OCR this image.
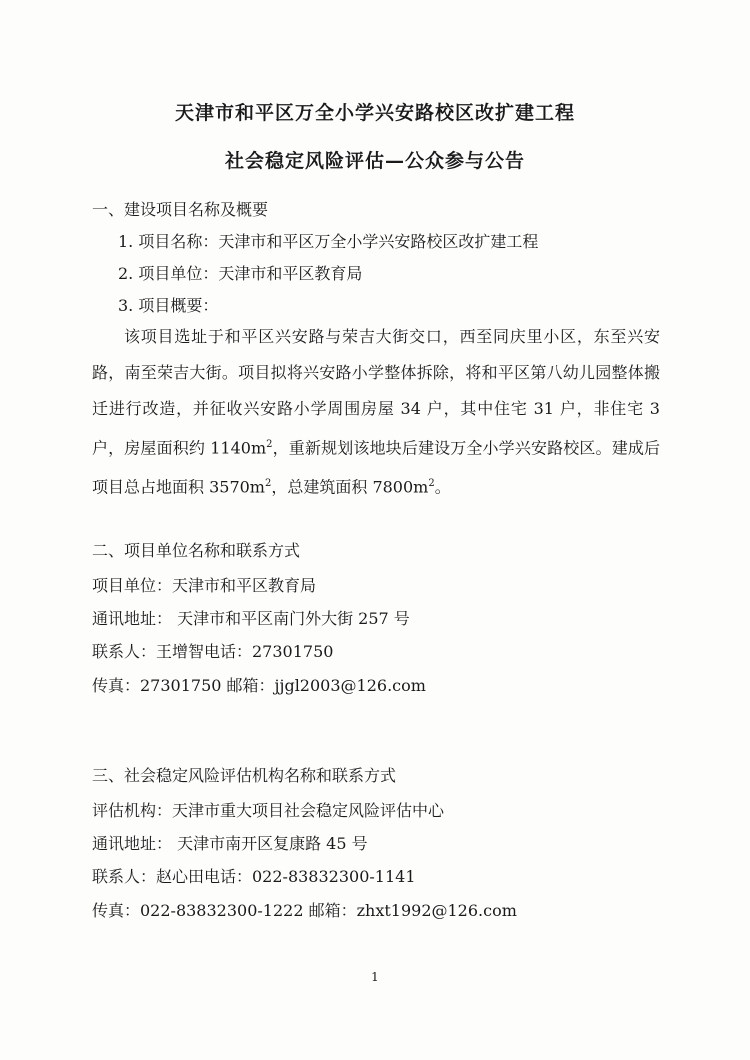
天津市和平区万全小学兴安路校区改扩建工程
社会稳定风险评估—公众参与公告
一、建设项目名称及概要
1. 项目名称：天津市和平区万全小学兴安路校区改扩建工程
2. 项目单位：天津市和平区教育局
3. 项目概要：
该项目选址于和平区兴安路与荣吉大街交口，西至同庆里小区，东至兴安路，南至荣吉大街。项目拟将兴安路小学整体拆除，将和平区第八幼儿园整体搬迁进行改造，并征收兴安路小学周围房屋 34 户，其中住宅 31 户，非住宅 3 户，房屋面积约 $1140m^2$，重新规划该地块后建设万全小学兴安路校区。建成后项目总占地面积 $3570m^2$，总建筑面积 $7800m^2$。
二、项目单位名称和联系方式
项目单位：天津市和平区教育局
通讯地址： 天津市和平区南门外大街 257 号
联系人：王增智电话：27301750
传真：27301750 邮箱：jjgl2003@126.com
三、社会稳定风险评估机构名称和联系方式
评估机构：天津市重大项目社会稳定风险评估中心
通讯地址： 天津市南开区复康路 45 号
联系人：赵心田电话：022-83832300-1141
传真：022-83832300-1222 邮箱：zhxt1992@126.com
1
